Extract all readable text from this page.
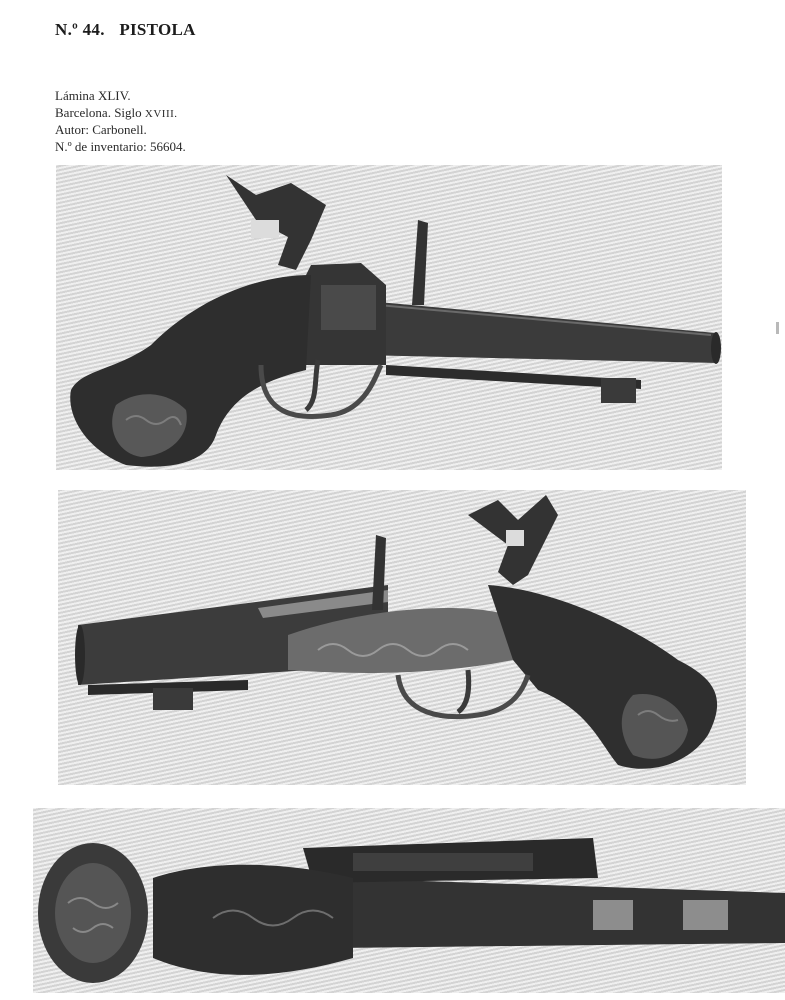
N.º 44. PISTOLA
Lámina XLIV.
Barcelona. Siglo XVIII.
Autor: Carbonell.
N.º de inventario: 56604.
